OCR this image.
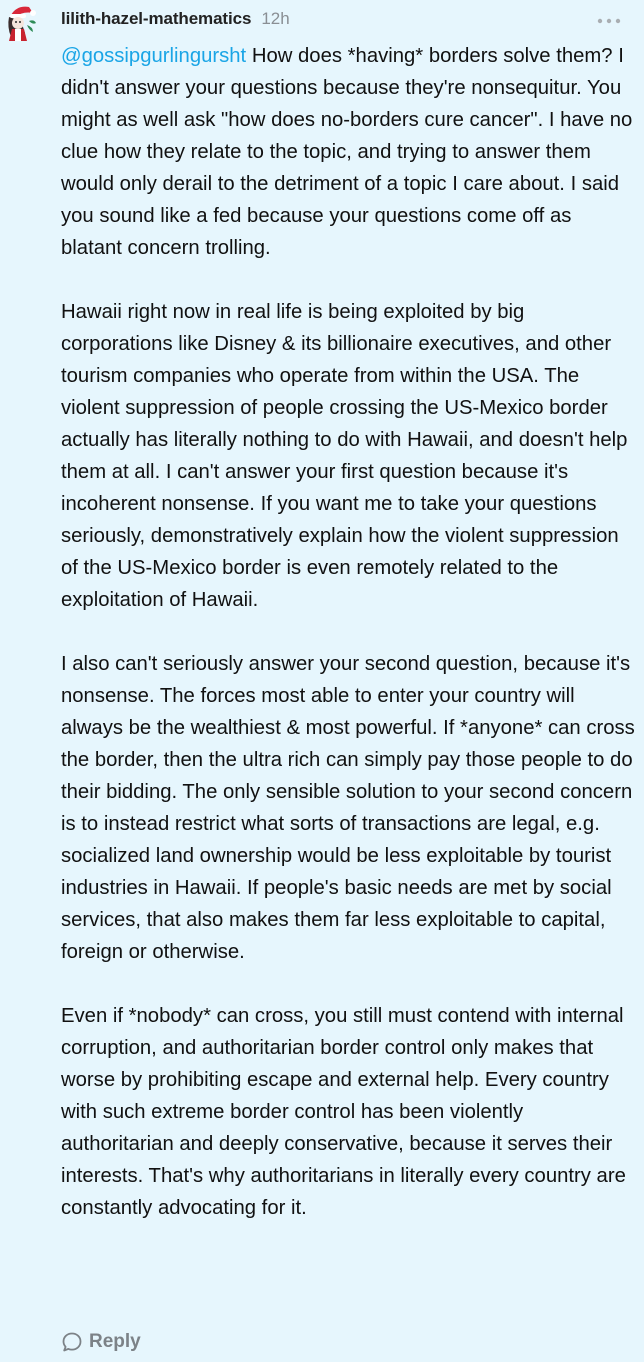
lilith-hazel-mathematics 12h

@gossipgurlingursht How does *having* borders solve them? I didn't answer your questions because they're nonsequitur. You might as well ask "how does no-borders cure cancer". I have no clue how they relate to the topic, and trying to answer them would only derail to the detriment of a topic I care about. I said you sound like a fed because your questions come off as blatant concern trolling.

Hawaii right now in real life is being exploited by big corporations like Disney & its billionaire executives, and other tourism companies who operate from within the USA. The violent suppression of people crossing the US-Mexico border actually has literally nothing to do with Hawaii, and doesn't help them at all. I can't answer your first question because it's incoherent nonsense. If you want me to take your questions seriously, demonstratively explain how the violent suppression of the US-Mexico border is even remotely related to the exploitation of Hawaii.

I also can't seriously answer your second question, because it's nonsense. The forces most able to enter your country will always be the wealthiest & most powerful. If *anyone* can cross the border, then the ultra rich can simply pay those people to do their bidding. The only sensible solution to your second concern is to instead restrict what sorts of transactions are legal, e.g. socialized land ownership would be less exploitable by tourist industries in Hawaii. If people's basic needs are met by social services, that also makes them far less exploitable to capital, foreign or otherwise.

Even if *nobody* can cross, you still must contend with internal corruption, and authoritarian border control only makes that worse by prohibiting escape and external help. Every country with such extreme border control has been violently authoritarian and deeply conservative, because it serves their interests. That's why authoritarians in literally every country are constantly advocating for it.

Reply
